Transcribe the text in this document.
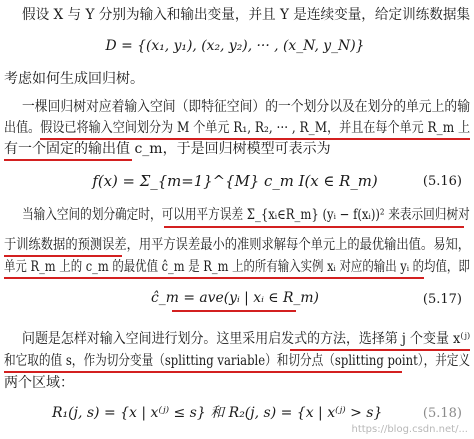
假设 X 与 Y 分别为输入和输出变量，并且 Y 是连续变量，给定训练数据集
D = {(x₁, y₁), (x₂, y₂), ··· , (x_N, y_N)}
考虑如何生成回归树。
一棵回归树对应着输入空间（即特征空间）的一个划分以及在划分的单元上的输
出值。假设已将输入空间划分为 M 个单元 R₁, R₂, ··· , R_M，并且在每个单元 R_m 上
有一个固定的输出值 c_m，于是回归树模型可表示为
f(x) = Σ_{m=1}^{M} c_m I(x ∈ R_m)	(5.16)
当输入空间的划分确定时，可以用平方误差 Σ_{xᵢ∈R_m} (yᵢ − f(xᵢ))² 来表示回归树对
于训练数据的预测误差，用平方误差最小的准则求解每个单元上的最优输出值。易知，
单元 R_m 上的 c_m 的最优值 ĉ_m 是 R_m 上的所有输入实例 xᵢ 对应的输出 yᵢ 的均值，即
ĉ_m = ave(yᵢ | xᵢ ∈ R_m)	(5.17)
问题是怎样对输入空间进行划分。这里采用启发式的方法，选择第 j 个变量 x⁽ʲ⁾
和它取的值 s，作为切分变量（splitting variable）和切分点（splitting point），并定义
两个区域：
R₁(j, s) = {x | x⁽ʲ⁾ ≤ s} 和 R₂(j, s) = {x | x⁽ʲ⁾ > s}	(5.18)
https://blog.csdn.net/...
